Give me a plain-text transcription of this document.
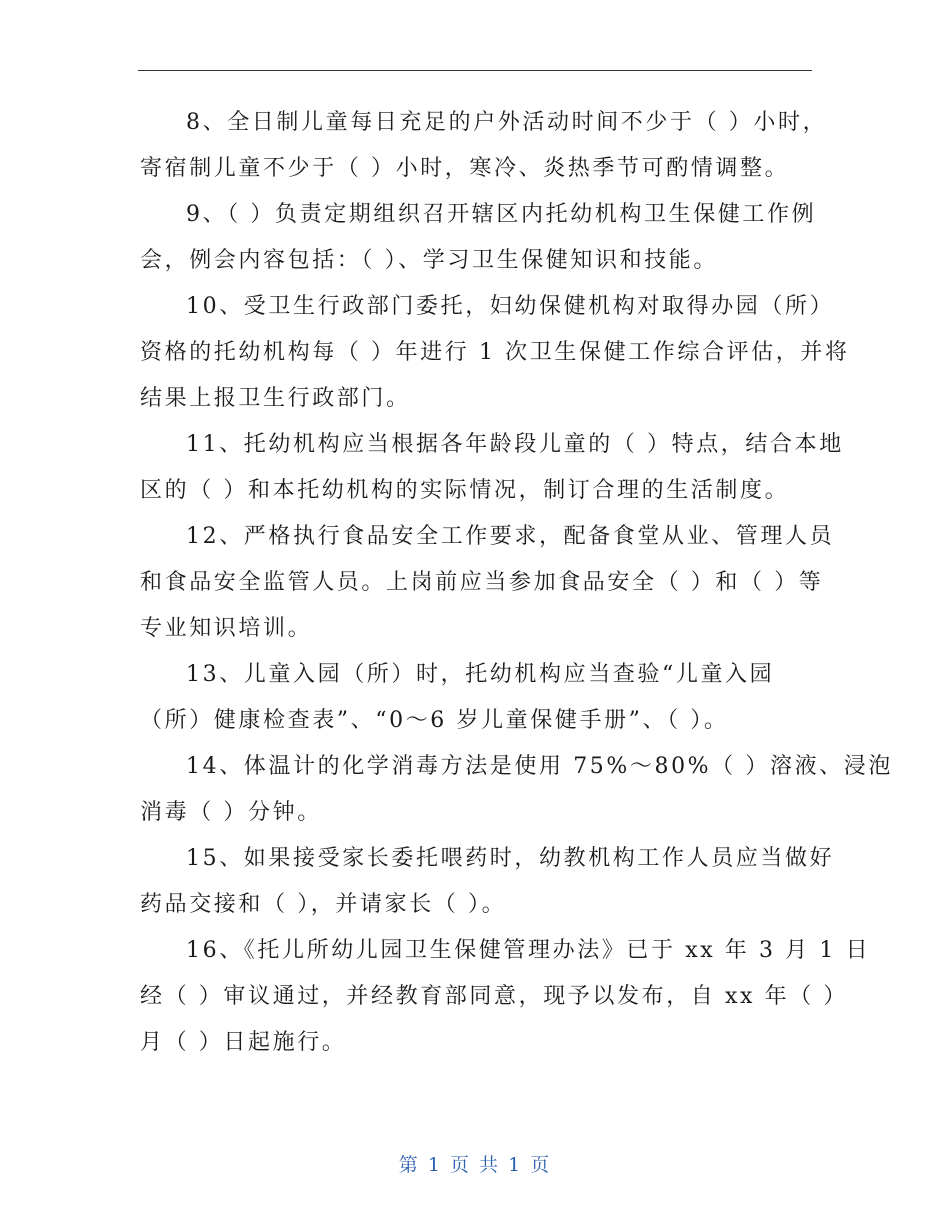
8、全日制儿童每日充足的户外活动时间不少于（ ）小时，
寄宿制儿童不少于（ ）小时，寒冷、炎热季节可酌情调整。
9、（ ）负责定期组织召开辖区内托幼机构卫生保健工作例
会，例会内容包括：（ ）、学习卫生保健知识和技能。
10、受卫生行政部门委托，妇幼保健机构对取得办园（所）
资格的托幼机构每（ ）年进行 1 次卫生保健工作综合评估，并将
结果上报卫生行政部门。
11、托幼机构应当根据各年龄段儿童的（ ）特点，结合本地
区的（ ）和本托幼机构的实际情况，制订合理的生活制度。
12、严格执行食品安全工作要求，配备食堂从业、管理人员
和食品安全监管人员。上岗前应当参加食品安全（ ）和（ ）等
专业知识培训。
13、儿童入园（所）时，托幼机构应当查验“儿童入园
（所）健康检查表”、“0～6 岁儿童保健手册”、（ ）。
14、体温计的化学消毒方法是使用 75%～80%（ ）溶液、浸泡
消毒（ ）分钟。
15、如果接受家长委托喂药时，幼教机构工作人员应当做好
药品交接和（ ），并请家长（ ）。
16、《托儿所幼儿园卫生保健管理办法》已于 xx 年 3 月 1 日
经（ ）审议通过，并经教育部同意，现予以发布，自 xx 年（ ）
月（ ）日起施行。
第 1 页 共 1 页
